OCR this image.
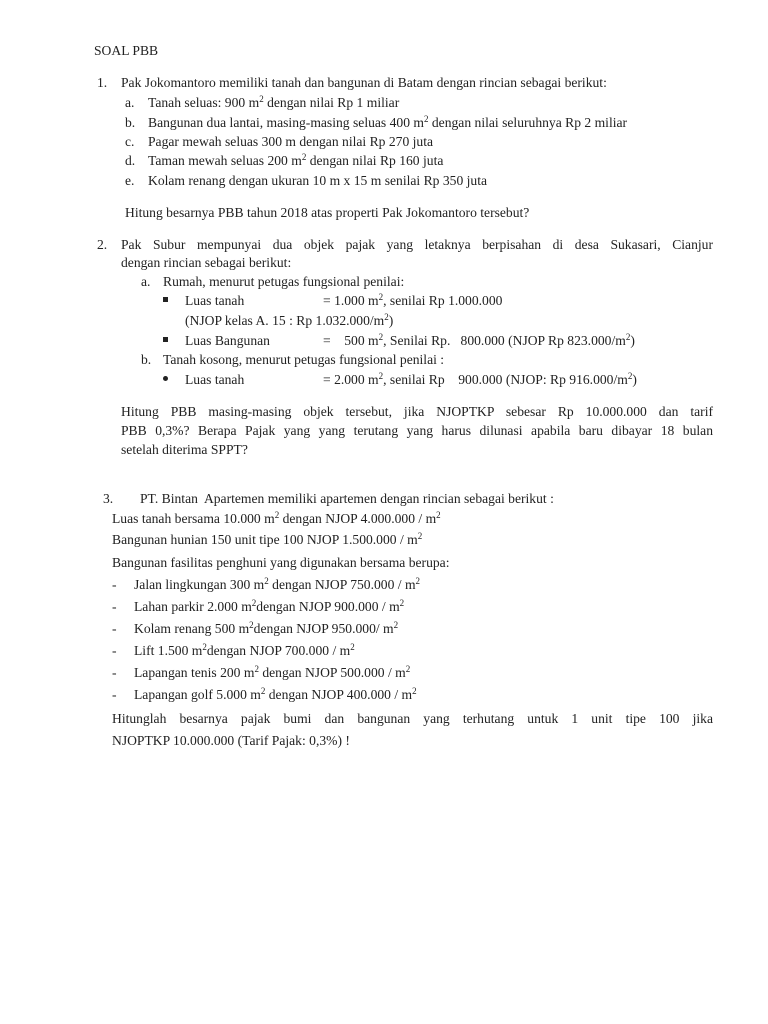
SOAL PBB
1. Pak Jokomantoro memiliki tanah dan bangunan di Batam dengan rincian sebagai berikut:
a. Tanah seluas: 900 $m^2$ dengan nilai Rp 1 miliar
b. Bangunan dua lantai, masing-masing seluas 400 $m^2$ dengan nilai seluruhnya Rp 2 miliar
c. Pagar mewah seluas 300 m dengan nilai Rp 270 juta
d. Taman mewah seluas 200 $m^2$ dengan nilai Rp 160 juta
e. Kolam renang dengan ukuran 10 m x 15 m senilai Rp 350 juta
Hitung besarnya PBB tahun 2018 atas properti Pak Jokomantoro tersebut?
2. Pak Subur mempunyai dua objek pajak yang letaknya berpisahan di desa Sukasari, Cianjur
dengan rincian sebagai berikut:
a. Rumah, menurut petugas fungsional penilai:
Luas tanah	= 1.000 $m^2$, senilai Rp 1.000.000
(NJOP kelas A. 15 : Rp $1.032.000/m^2$)
Luas Bangunan	=    500 $m^2$, Senilai Rp.   800.000 (NJOP Rp $823.000/m^2$)
b. Tanah kosong, menurut petugas fungsional penilai :
Luas tanah	= 2.000 $m^2$, senilai Rp    900.000 (NJOP: Rp $916.000/m^2$)
Hitung PBB masing-masing objek tersebut, jika NJOPTKP sebesar Rp 10.000.000 dan tarif
PBB 0,3%? Berapa Pajak yang yang terutang yang harus dilunasi apabila baru dibayar 18 bulan
setelah diterima SPPT?
3. PT. Bintan  Apartemen memiliki apartemen dengan rincian sebagai berikut :
Luas tanah bersama 10.000 $m^2$ dengan NJOP $4.000.000 / m^2$
Bangunan hunian 150 unit tipe 100 NJOP $1.500.000 / m^2$
Bangunan fasilitas penghuni yang digunakan bersama berupa:
- Jalan lingkungan 300 $m^2$ dengan NJOP $750.000 / m^2$
- Lahan parkir 2.000 $m^2dengan$ NJOP $900.000 / m^2$
- Kolam renang 500 $m^2dengan$ NJOP 950.000/ $m^2$
- Lift 1.500 $m^2dengan$ NJOP $700.000 / m^2$
- Lapangan tenis 200 $m^2$ dengan NJOP $500.000 / m^2$
- Lapangan golf 5.000 $m^2$ dengan NJOP $400.000 / m^2$
Hitunglah besarnya pajak bumi dan bangunan yang terhutang untuk 1 unit tipe 100 jika
NJOPTKP 10.000.000 (Tarif Pajak: 0,3%) !
